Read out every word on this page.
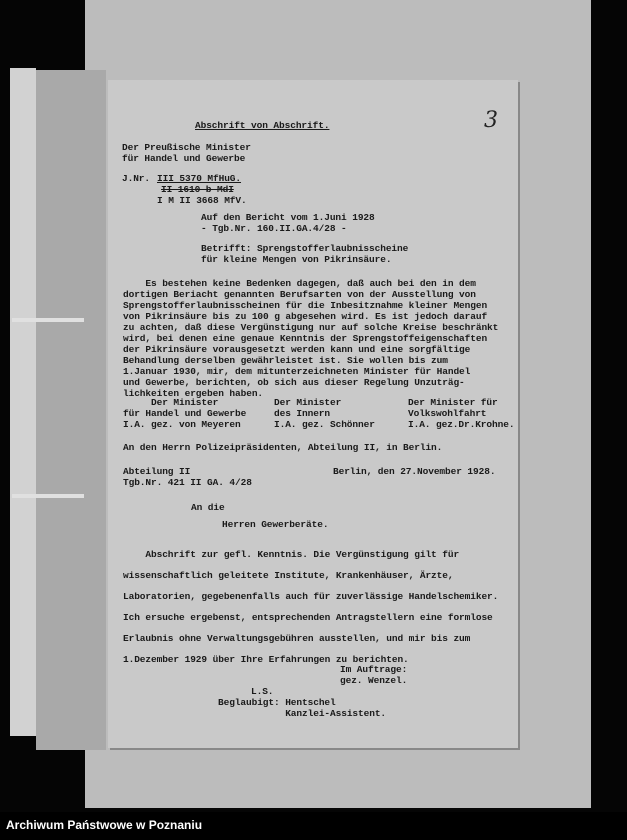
3
Abschrift von Abschrift.
Der Preußische Minister
für Handel und Gewerbe
J.Nr. III 5370 MfHuG.
II 1610 b MdI
I M II 3668 MfV.
Auf den Bericht vom 1.Juni 1928
- Tgb.Nr. 160.II.GA.4/28 -
Betrifft: Sprengstofferlaubnisscheine
für kleine Mengen von Pikrinsäure.
Es bestehen keine Bedenken dagegen, daß auch bei den in dem
dortigen Beriacht genannten Berufsarten von der Ausstellung von
Sprengstofferlaubnisscheinen für die Inbesitznahme kleiner Mengen
von Pikrinsäure bis zu 100 g abgesehen wird. Es ist jedoch darauf
zu achten, daß diese Vergünstigung nur auf solche Kreise beschränkt
wird, bei denen eine genaue Kenntnis der Sprengstoffeigenschaften
der Pikrinsäure vorausgesetzt werden kann und eine sorgfältige
Behandlung derselben gewährleistet ist. Sie wollen bis zum
1.Januar 1930, mir, dem mitunterzeichneten Minister für Handel
und Gewerbe, berichten, ob sich aus dieser Regelung Unzuträg-
lichkeiten ergeben haben.
Der Minister
für Handel und Gewerbe
I.A. gez. von Meyeren
Der Minister
des Innern
I.A. gez. Schönner
Der Minister für
Volkswohlfahrt
I.A. gez.Dr.Krohne.
An den Herrn Polizeipräsidenten, Abteilung II, in Berlin.
Abteilung II
Tgb.Nr. 421 II GA. 4/28
Berlin, den 27.November 1928.
An die
Herren Gewerberäte.
Abschrift zur gefl. Kenntnis. Die Vergünstigung gilt für
wissenschaftlich geleitete Institute, Krankenhäuser, Ärzte,
Laboratorien, gegebenenfalls auch für zuverlässige Handelschemiker.
Ich ersuche ergebenst, entsprechenden Antragstellern eine formlose
Erlaubnis ohne Verwaltungsgebühren ausstellen, und mir bis zum
1.Dezember 1929 über Ihre Erfahrungen zu berichten.
Im Auftrage:
gez. Wenzel.
L.S.
Beglaubigt: Hentschel
Kanzlei-Assistent.
Archiwum Państwowe w Poznaniu
